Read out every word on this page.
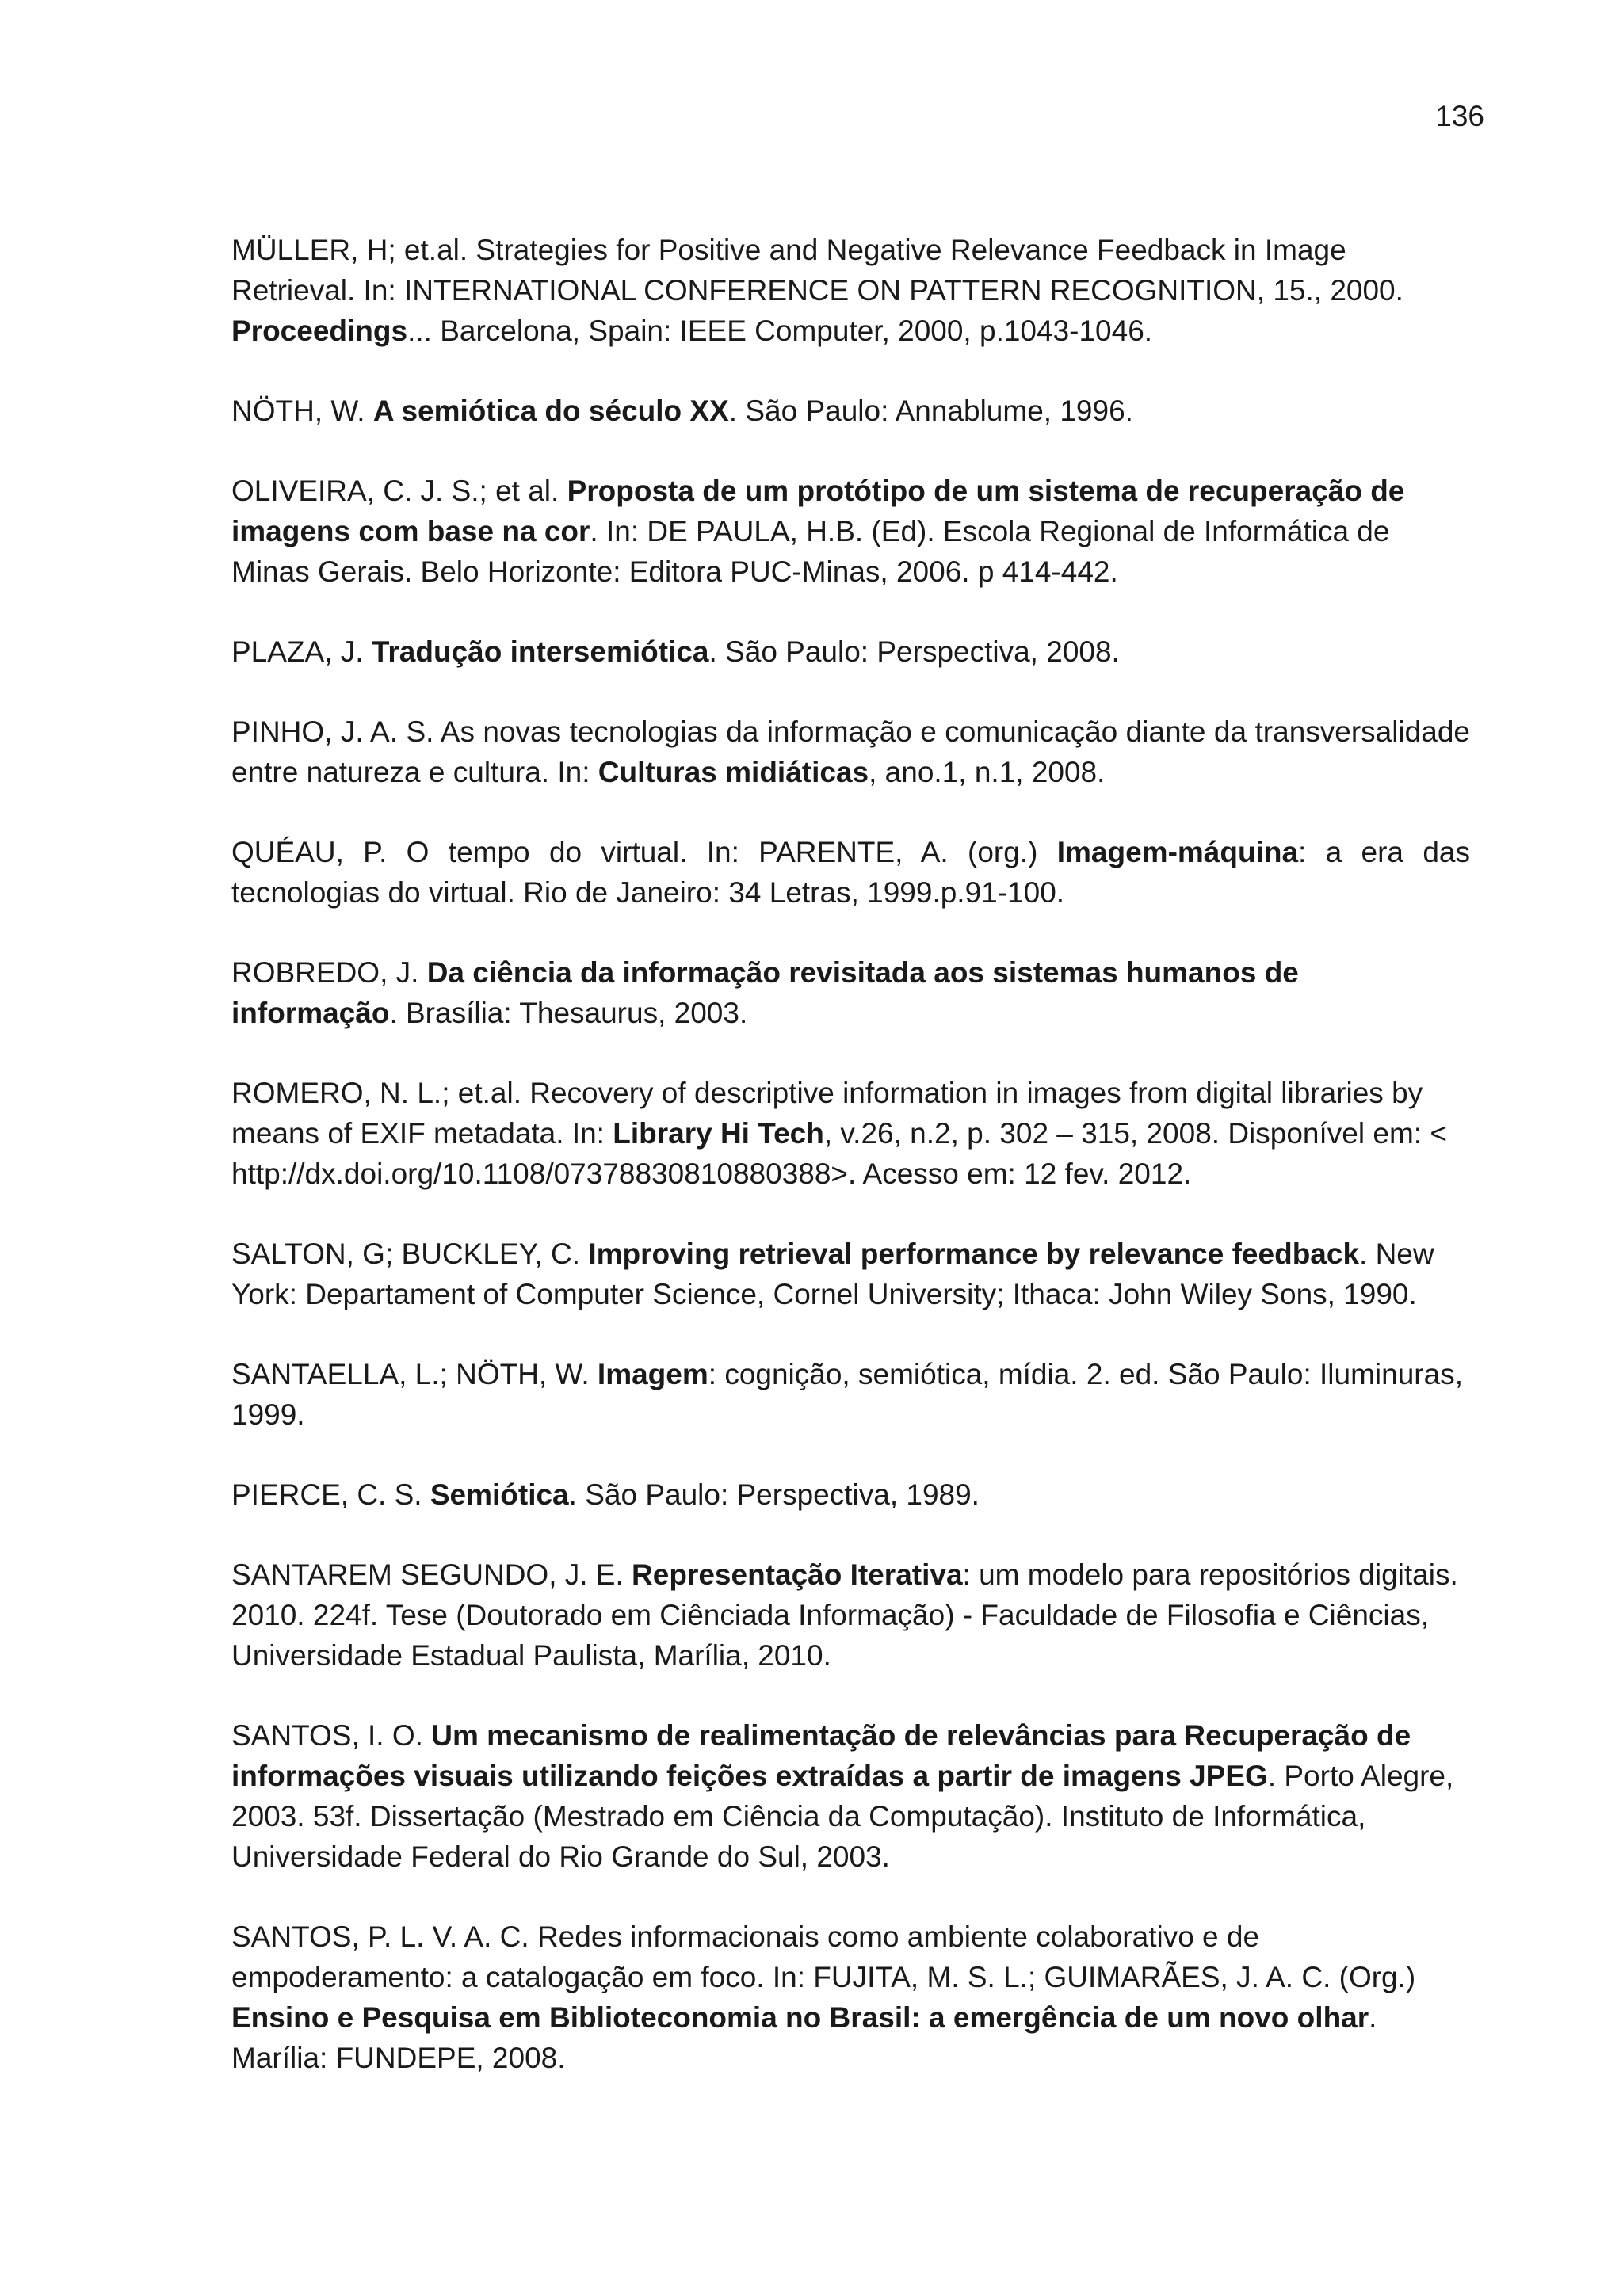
136

MÜLLER, H; et.al. Strategies for Positive and Negative Relevance Feedback in Image Retrieval. In: INTERNATIONAL CONFERENCE ON PATTERN RECOGNITION, 15., 2000. Proceedings... Barcelona, Spain: IEEE Computer, 2000, p.1043-1046.

NÖTH, W. A semiótica do século XX. São Paulo: Annablume, 1996.

OLIVEIRA, C. J. S.; et al. Proposta de um protótipo de um sistema de recuperação de imagens com base na cor. In: DE PAULA, H.B. (Ed). Escola Regional de Informática de Minas Gerais. Belo Horizonte: Editora PUC-Minas, 2006. p 414-442.

PLAZA, J. Tradução intersemiótica. São Paulo: Perspectiva, 2008.

PINHO, J. A. S. As novas tecnologias da informação e comunicação diante da transversalidade entre natureza e cultura. In: Culturas midiáticas, ano.1, n.1, 2008.

QUÉAU, P. O tempo do virtual. In: PARENTE, A. (org.) Imagem-máquina: a era das tecnologias do virtual. Rio de Janeiro: 34 Letras, 1999.p.91-100.

ROBREDO, J. Da ciência da informação revisitada aos sistemas humanos de informação. Brasília: Thesaurus, 2003.

ROMERO, N. L.; et.al. Recovery of descriptive information in images from digital libraries by means of EXIF metadata. In: Library Hi Tech, v.26, n.2, p. 302 – 315, 2008. Disponível em: < http://dx.doi.org/10.1108/07378830810880388>. Acesso em: 12 fev. 2012.

SALTON, G; BUCKLEY, C. Improving retrieval performance by relevance feedback. New York: Departament of Computer Science, Cornel University; Ithaca: John Wiley Sons, 1990.

SANTAELLA, L.; NÖTH, W. Imagem: cognição, semiótica, mídia. 2. ed. São Paulo: Iluminuras, 1999.

PIERCE, C. S. Semiótica. São Paulo: Perspectiva, 1989.

SANTAREM SEGUNDO, J. E. Representação Iterativa: um modelo para repositórios digitais. 2010. 224f. Tese (Doutorado em Ciênciada Informação) - Faculdade de Filosofia e Ciências, Universidade Estadual Paulista, Marília, 2010.

SANTOS, I. O. Um mecanismo de realimentação de relevâncias para Recuperação de informações visuais utilizando feições extraídas a partir de imagens JPEG. Porto Alegre, 2003. 53f. Dissertação (Mestrado em Ciência da Computação). Instituto de Informática, Universidade Federal do Rio Grande do Sul, 2003.

SANTOS, P. L. V. A. C. Redes informacionais como ambiente colaborativo e de empoderamento: a catalogação em foco. In: FUJITA, M. S. L.; GUIMARÃES, J. A. C. (Org.) Ensino e Pesquisa em Biblioteconomia no Brasil: a emergência de um novo olhar. Marília: FUNDEPE, 2008.
